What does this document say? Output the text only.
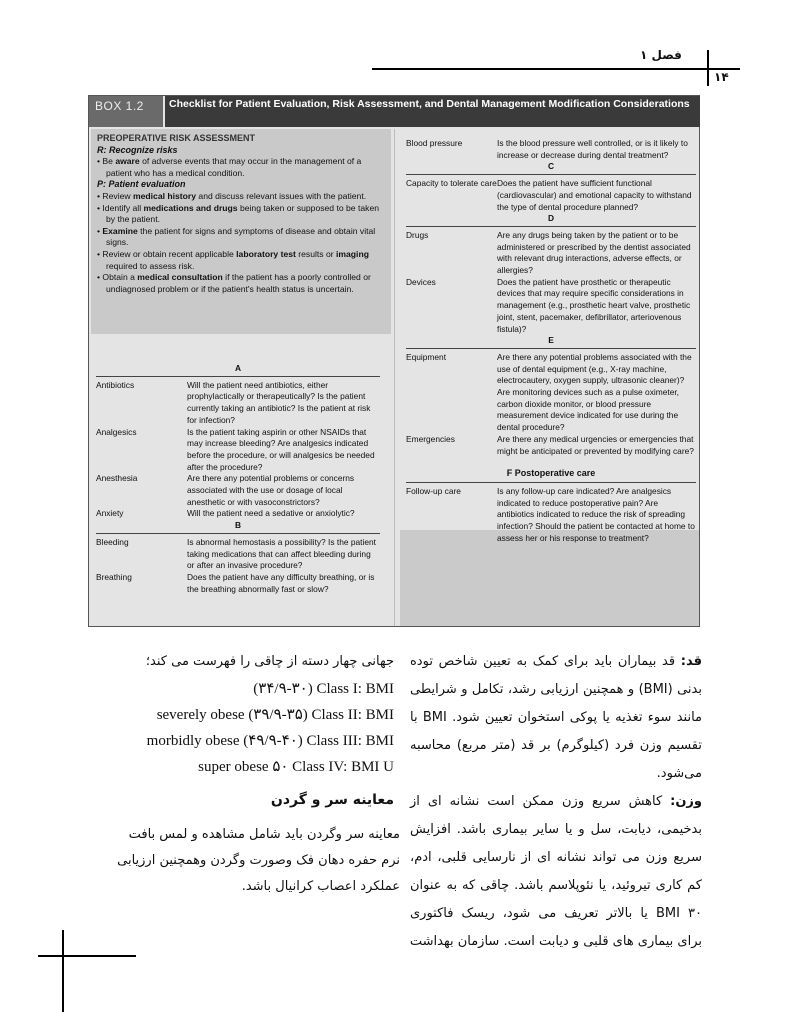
فصل ۱
۱۴
BOX 1.2	Checklist for Patient Evaluation, Risk Assessment, and Dental Management Modification Considerations
PREOPERATIVE RISK ASSESSMENT
R: Recognize risks
• Be aware of adverse events that may occur in the management of a patient who has a medical condition.
P: Patient evaluation
• Review medical history and discuss relevant issues with the patient.
• Identify all medications and drugs being taken or supposed to be taken by the patient.
• Examine the patient for signs and symptoms of disease and obtain vital signs.
• Review or obtain recent applicable laboratory test results or imaging required to assess risk.
• Obtain a medical consultation if the patient has a poorly controlled or undiagnosed problem or if the patient's health status is uncertain.
A
Antibiotics	Will the patient need antibiotics, either prophylactically or therapeutically? Is the patient currently taking an antibiotic? Is the patient at risk for infection?
Analgesics	Is the patient taking aspirin or other NSAIDs that may increase bleeding? Are analgesics indicated before the procedure, or will analgesics be needed after the procedure?
Anesthesia	Are there any potential problems or concerns associated with the use or dosage of local anesthetic or with vasoconstrictors?
Anxiety	Will the patient need a sedative or anxiolytic?
B
Bleeding	Is abnormal hemostasis a possibility? Is the patient taking medications that can affect bleeding during or after an invasive procedure?
Breathing	Does the patient have any difficulty breathing, or is the breathing abnormally fast or slow?
Blood pressure	Is the blood pressure well controlled, or is it likely to increase or decrease during dental treatment?
C
Capacity to tolerate care Does the patient have sufficient functional (cardiovascular) and emotional capacity to withstand the type of dental procedure planned?
D
Drugs	Are any drugs being taken by the patient or to be administered or prescribed by the dentist associated with relevant drug interactions, adverse effects, or allergies?
Devices	Does the patient have prosthetic or therapeutic devices that may require specific considerations in management (e.g., prosthetic heart valve, prosthetic joint, stent, pacemaker, defibrillator, arteriovenous fistula)?
E
Equipment	Are there any potential problems associated with the use of dental equipment (e.g., X-ray machine, electrocautery, oxygen supply, ultrasonic cleaner)? Are monitoring devices such as a pulse oximeter, carbon dioxide monitor, or blood pressure measurement device indicated for use during the dental procedure?
Emergencies	Are there any medical urgencies or emergencies that might be anticipated or prevented by modifying care?
F Postoperative care
Follow-up care	Is any follow-up care indicated? Are analgesics indicated to reduce postoperative pain? Are antibiotics indicated to reduce the risk of spreading infection? Should the patient be contacted at home to assess her or his response to treatment?
قد: قد بیماران باید برای کمک به تعیین شاخص توده
بدنی (BMI) و همچنین ارزیابی رشد، تکامل و شرایطی
مانند سوء تغذیه یا پوکی استخوان تعیین شود. BMI با
تقسیم وزن فرد (کیلوگرم) بر قد (متر مربع) محاسبه
می‌شود.
وزن: کاهش سریع وزن ممکن است نشانه ای از
بدخیمی، دیابت، سل و یا سایر بیماری باشد. افزایش
سریع وزن می تواند نشانه ای از نارسایی قلبی، ادم،
کم کاری تیروئید، یا نئوپلاسم باشد. چاقی که به عنوان
BMI ۳۰ یا بالاتر تعریف می شود، ریسک فاکتوری
برای بیماری های قلبی و دیابت است. سازمان بهداشت
جهانی چهار دسته از چاقی را فهرست می کند؛
(۳۴/۹-۳۰) Class I: BMI
severely obese (۳۹/۹-۳۵) Class II: BMI
morbidly obese (۴۹/۹-۴۰) Class III: BMI
super obese ۵۰ Class IV: BMI U
معاینه سر و گردن
معاینه سر وگردن باید شامل مشاهده و لمس بافت
نرم حفره دهان فک وصورت وگردن وهمچنین ارزیابی
عملکرد اعصاب کرانیال باشد.
